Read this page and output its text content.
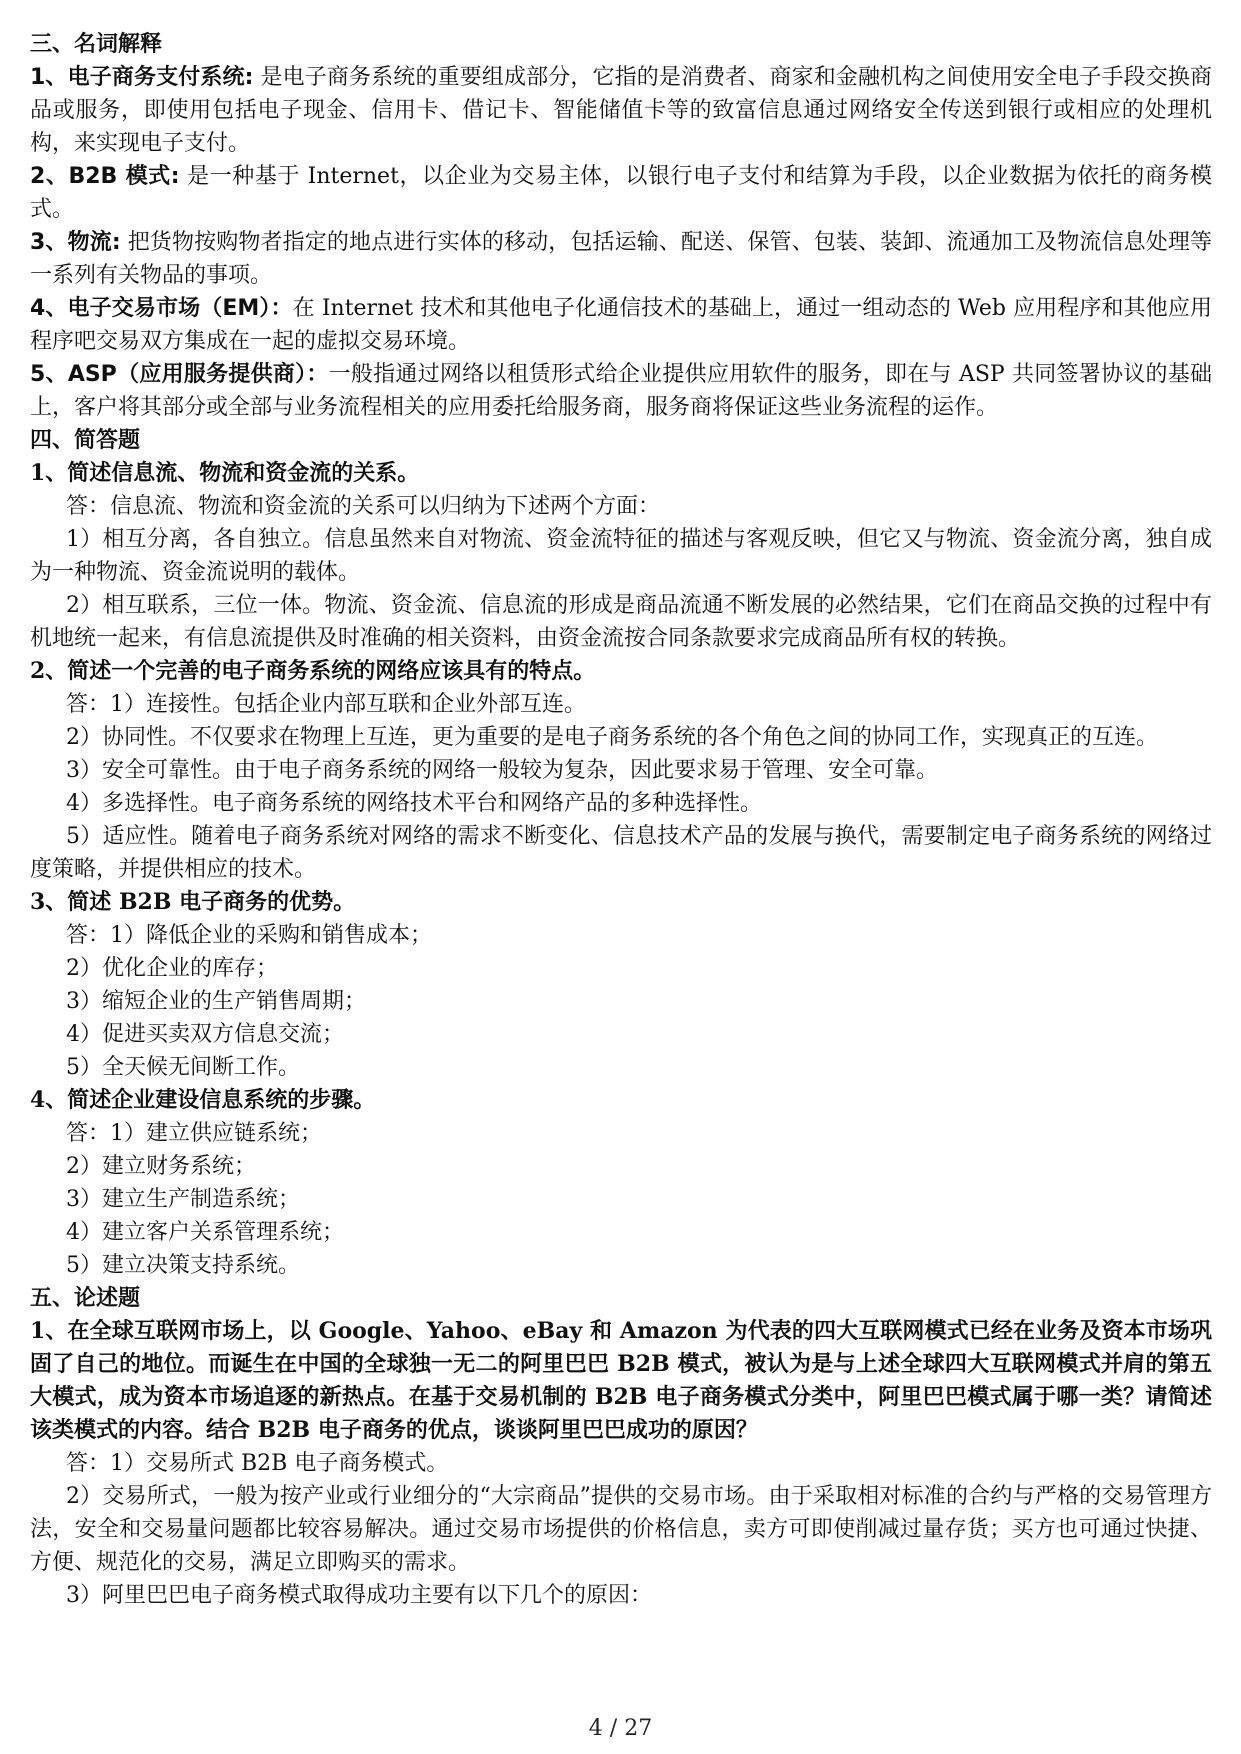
三、名词解释

1、电子商务支付系统: 是电子商务系统的重要组成部分，它指的是消费者、商家和金融机构之间使用安全电子手段交换商品或服务，即使用包括电子现金、信用卡、借记卡、智能储值卡等的致富信息通过网络安全传送到银行或相应的处理机构，来实现电子支付。

2、B2B 模式: 是一种基于 Internet，以企业为交易主体，以银行电子支付和结算为手段，以企业数据为依托的商务模式。

3、物流: 把货物按购物者指定的地点进行实体的移动，包括运输、配送、保管、包装、装卸、流通加工及物流信息处理等一系列有关物品的事项。

4、电子交易市场（EM）：在 Internet 技术和其他电子化通信技术的基础上，通过一组动态的 Web 应用程序和其他应用程序吧交易双方集成在一起的虚拟交易环境。

5、ASP（应用服务提供商）：一般指通过网络以租赁形式给企业提供应用软件的服务，即在与 ASP 共同签署协议的基础上，客户将其部分或全部与业务流程相关的应用委托给服务商，服务商将保证这些业务流程的运作。

四、简答题

1、简述信息流、物流和资金流的关系。

答：信息流、物流和资金流的关系可以归纳为下述两个方面：

1）相互分离，各自独立。信息虽然来自对物流、资金流特征的描述与客观反映，但它又与物流、资金流分离，独自成为一种物流、资金流说明的载体。

2）相互联系，三位一体。物流、资金流、信息流的形成是商品流通不断发展的必然结果，它们在商品交换的过程中有机地统一起来，有信息流提供及时准确的相关资料，由资金流按合同条款要求完成商品所有权的转换。

2、简述一个完善的电子商务系统的网络应该具有的特点。

答：1）连接性。包括企业内部互联和企业外部互连。

2）协同性。不仅要求在物理上互连，更为重要的是电子商务系统的各个角色之间的协同工作，实现真正的互连。

3）安全可靠性。由于电子商务系统的网络一般较为复杂，因此要求易于管理、安全可靠。

4）多选择性。电子商务系统的网络技术平台和网络产品的多种选择性。

5）适应性。随着电子商务系统对网络的需求不断变化、信息技术产品的发展与换代，需要制定电子商务系统的网络过度策略，并提供相应的技术。

3、简述 B2B 电子商务的优势。

答：1）降低企业的采购和销售成本；

2）优化企业的库存；

3）缩短企业的生产销售周期；

4）促进买卖双方信息交流；

5）全天候无间断工作。

4、简述企业建设信息系统的步骤。

答：1）建立供应链系统；

2）建立财务系统；

3）建立生产制造系统；

4）建立客户关系管理系统；

5）建立决策支持系统。

五、论述题

1、在全球互联网市场上，以 Google、Yahoo、eBay 和 Amazon 为代表的四大互联网模式已经在业务及资本市场巩固了自己的地位。而诞生在中国的全球独一无二的阿里巴巴 B2B 模式，被认为是与上述全球四大互联网模式并肩的第五大模式，成为资本市场追逐的新热点。在基于交易机制的 B2B 电子商务模式分类中，阿里巴巴模式属于哪一类？请简述该类模式的内容。结合 B2B 电子商务的优点，谈谈阿里巴巴成功的原因？

答：1）交易所式 B2B 电子商务模式。

2）交易所式，一般为按产业或行业细分的“大宗商品”提供的交易市场。由于采取相对标准的合约与严格的交易管理方法，安全和交易量问题都比较容易解决。通过交易市场提供的价格信息，卖方可即使削减过量存货；买方也可通过快捷、方便、规范化的交易，满足立即购买的需求。

3）阿里巴巴电子商务模式取得成功主要有以下几个的原因：

4 / 27
